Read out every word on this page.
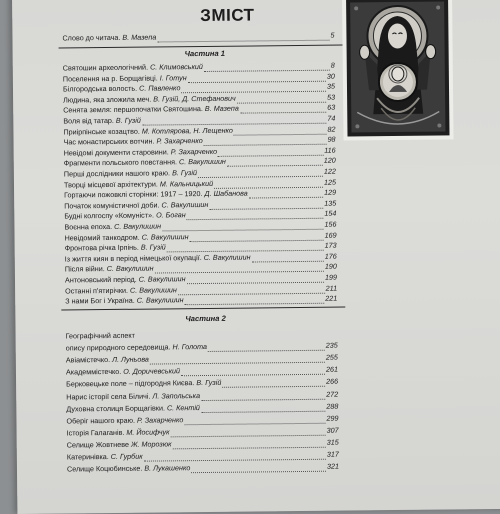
ЗМІСТ
Слово до читача. В. Мазепа	5
Частина 1
Святошин археологічний. С. Климовський	8
Поселення на р. Борщагівці. І. Готун	30
Білгородська волость. С. Павленко	35
Людина, яка зложила меч. В. Гузій, Д. Стефанович	53
Сенята земля: першопочатки Святошина. В. Мазепа	63
Воля від татар. В. Гузій	74
Приірпінське козацтво. М. Котлярова, Н. Лещенко	82
Час монастирських вотчин. Р. Захарченко	98
Невідомі документи старовини. Р. Захарченко	116
Фрагменти польського повстання. С. Вакулишин	120
Перші дослідники нашого краю. В. Гузій	122
Творці місцевої архітектури. М. Кальницький	125
Гортаючи пожовклі сторінки: 1917 – 1920. Д. Шабанова	129
Початок комуністичної доби. С. Вакулишин	135
Будні колгоспу «Комуніст». О. Боган	154
Воєнна епоха. С. Вакулишин	156
Невідомий танкодром. С. Вакулишин	169
Фронтова річка Ірпінь. В. Гузій	173
Із життя киян в період німецької окупації. С. Вакулишин	176
Після війни. С. Вакулишин	190
Антоновський період. С. Вакулишин	199
Останні п'ятирічки. С. Вакулишин	211
З нами Бог і Україна. С. Вакулишин	221
Частина 2
Географічний аспект
опису природного середовища. Н. Голота	235
Авіамістечко. Л. Луньова	255
Академмістечко. О. Доричевський	261
Берковецьке поле – підгородня Києва. В. Гузій	266
Нарис історії села Біличі. Л. Запольська	272
Духовна столиця Борщагівки. С. Кентій	288
Оберіг нашого краю. Р. Захарченко	299
Історія Галаганів. М. Йосифчук	307
Селище Жовтневе Ж. Морозюк	315
Катеринівка. С. Гурбик	317
Селище Коцюбинське. В. Лукашенко	321
